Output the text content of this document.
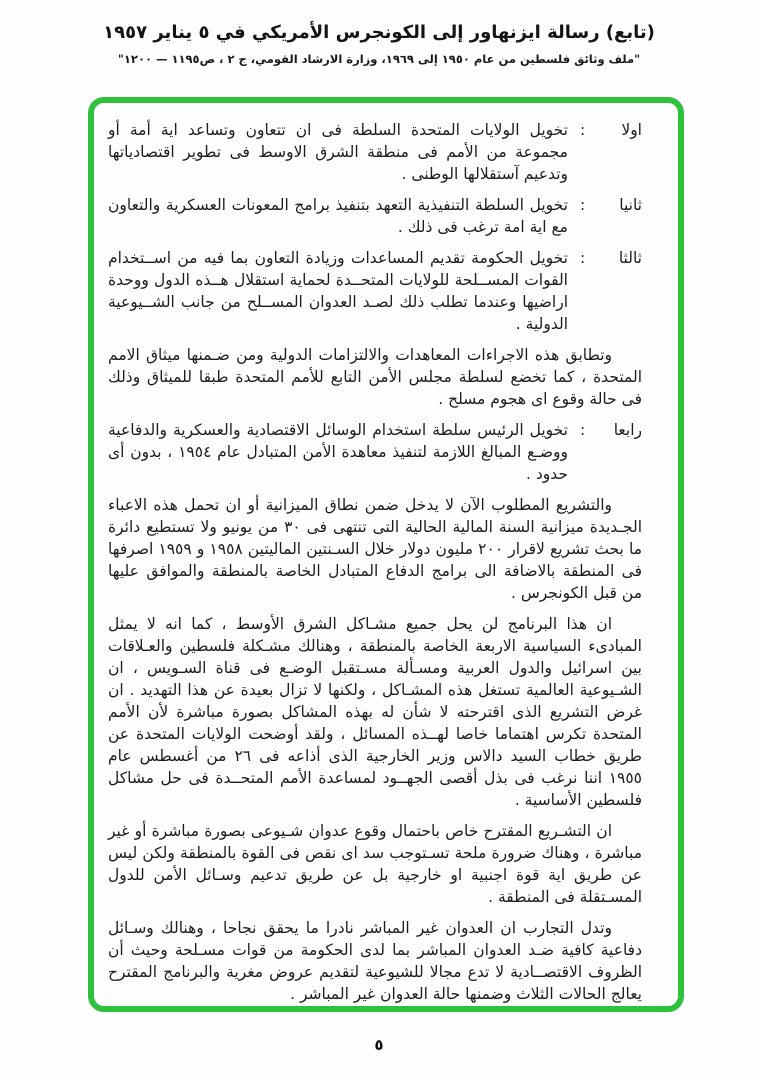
(تابع) رسالة ايزنهاور إلى الكونجرس الأمريكي في ٥ يناير ١٩٥٧
"ملف وثائق فلسطين من عام ١٩٥٠ إلى ١٩٦٩، وزارة الارشاد القومي، ج ٢ ، ص١١٩٥ — ١٢٠٠"
اولا
:
تخويل الولايات المتحدة السلطة فى ان تتعاون وتساعد اية أمة أو مجموعة من الأمم فى منطقة الشرق الاوسط فى تطوير اقتصادياتها وتدعيم آستقلالها الوطنى .
ثانيا
:
تخويل السلطة التنفيذية التعهد بتنفيذ برامج المعونات العسكرية والتعاون مع اية امة ترغب فى ذلك .
ثالثا
:
تخويل الحكومة تقديم المساعدات وزيادة التعاون بما فيه من اســتخدام القوات المســلحة للولايات المتحــدة لحماية استقلال هــذه الدول ووحدة اراضيها وعندما تطلب ذلك لصـد العدوان المســلح من جانب الشــيوعية الدولية .
وتطابق هذه الاجراءات المعاهدات والالتزامات الدولية ومن ضـمنها ميثاق الامم المتحدة ، كما تخضع لسلطة مجلس الأمن التابع للأمم المتحدة طبقا للميثاق وذلك فى حالة وقوع اى هجوم مسلح .
رابعا
:
تخويل الرئيس سلطة استخدام الوسائل الاقتصادية والعسكرية والدفاعية ووضـع المبالغ اللازمة لتنفيذ معاهدة الأمن المتبادل عام ١٩٥٤ ، بدون أى حدود .
والتشريع المطلوب الآن لا يدخل ضمن نطاق الميزانية أو ان تحمل هذه الاعباء الجـديدة ميزانية السنة المالية الحالية التى تنتهى فى ٣٠ من يونيو ولا تستطيع دائرة ما بحث تشريع لاقرار ٢٠٠ مليون دولار خلال السـنتين الماليتين ١٩٥٨ و ١٩٥٩ اصرفها فى المنطقة بالاضافة الى برامج الدفاع المتبادل الخاصة بالمنطقة والموافق عليها من قبل الكونجرس .
ان هذا البرنامج لن يحل جميع مشـاكل الشرق الأوسط ، كما انه لا يمثل المبادىء السياسية الاربعة الخاصة بالمنطقة ، وهنالك مشـكلة فلسطين والعـلاقات بين اسرائيل والدول العربية ومسـألة مسـتقبل الوضـع فى قناة السـويس ، ان الشـيوعية العالمية تستغل هذه المشـاكل ، ولكنها لا تزال بعيدة عن هذا التهديد . ان غرض التشريع الذى اقترحته لا شأن له بهذه المشاكل بصورة مباشرة لأن الأمم المتحدة تكرس اهتماما خاصا لهــذه المسائل ، ولقد أوضحت الولايات المتحدة عن طريق خطاب السيد دالاس وزير الخارجية الذى أذاعه فى ٢٦ من أغسطس عام ١٩٥٥ اننا نرغب فى بذل أقصى الجهــود لمساعدة الأمم المتحــدة فى حل مشاكل فلسطين الأساسية .
ان التشـريع المقترح خاص باحتمال وقوع عدوان شـيوعى بصورة مباشرة أو غير مباشرة ، وهناك ضرورة ملحة تسـتوجب سد اى نقص فى القوة بالمنطقة ولكن ليس عن طريق اية قوة اجنبية او خارجية بل عن طريق تدعيم وسـائل الأمن للدول المسـتقلة فى المنطقة .
وتدل التجارب ان العدوان غير المباشر نادرا ما يحقق نجاحا ، وهنالك وسـائل دفاعية كافية ضـد العدوان المباشر بما لدى الحكومة من قوات مسـلحة وحيث أن الظروف الاقتصــادية لا تدع مجالا للشيوعية لتقديم عروض مغرية والبرنامج المقترح يعالج الحالات الثلاث وضمنها حالة العدوان غير المباشر .
٥
